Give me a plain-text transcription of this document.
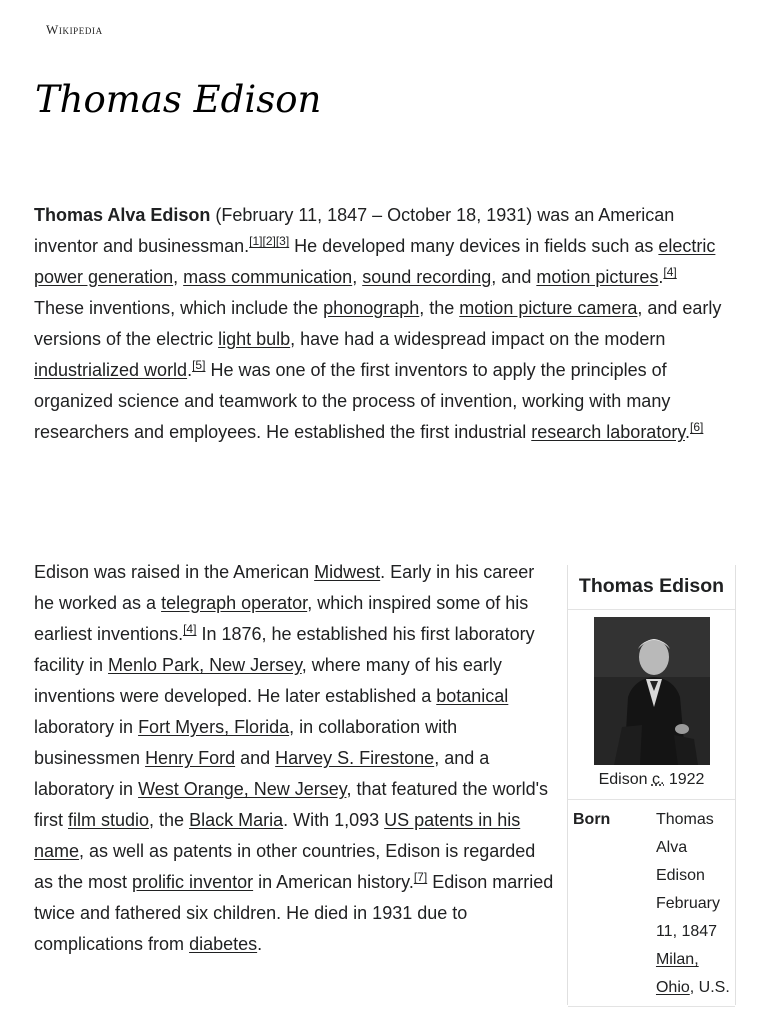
Wikipedia
Thomas Edison

Thomas Alva Edison (February 11, 1847 – October 18, 1931) was an American inventor and businessman.[1][2][3] He developed many devices in fields such as electric power generation, mass communication, sound recording, and motion pictures.[4] These inventions, which include the phonograph, the motion picture camera, and early versions of the electric light bulb, have had a widespread impact on the modern industrialized world.[5] He was one of the first inventors to apply the principles of organized science and teamwork to the process of invention, working with many researchers and employees. He established the first industrial research laboratory.[6]

Edison was raised in the American Midwest. Early in his career he worked as a telegraph operator, which inspired some of his earliest inventions.[4] In 1876, he established his first laboratory facility in Menlo Park, New Jersey, where many of his early inventions were developed. He later established a botanical laboratory in Fort Myers, Florida, in collaboration with businessmen Henry Ford and Harvey S. Firestone, and a laboratory in West Orange, New Jersey, that featured the world's first film studio, the Black Maria. With 1,093 US patents in his name, as well as patents in other countries, Edison is regarded as the most prolific inventor in American history.[7] Edison married twice and fathered six children. He died in 1931 due to complications from diabetes.

Thomas Edison
Edison c. 1922
Born	Thomas Alva Edison
February 11, 1847
Milan, Ohio, U.S.
